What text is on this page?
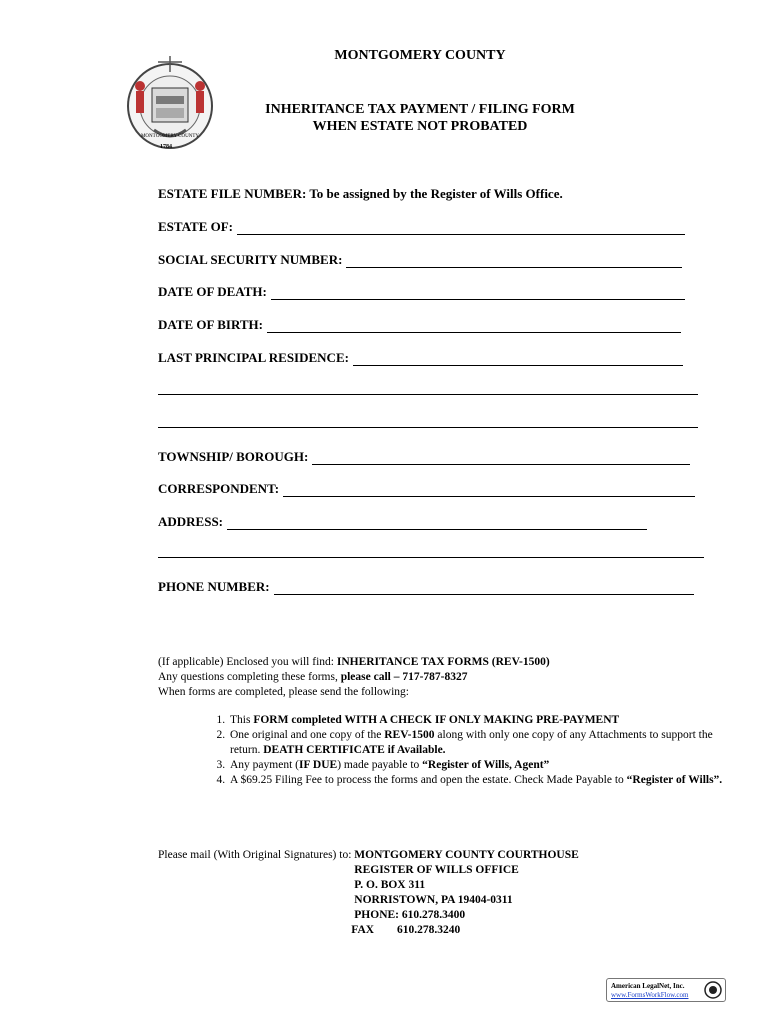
MONTGOMERY COUNTY
1784
MONTGOMERY COUNTY
INHERITANCE TAX PAYMENT / FILING FORM
WHEN ESTATE NOT PROBATED
ESTATE FILE NUMBER: To be assigned by the Register of Wills Office.
ESTATE OF:
SOCIAL SECURITY NUMBER:
DATE OF DEATH:
DATE OF BIRTH:
LAST PRINCIPAL RESIDENCE:
TOWNSHIP/ BOROUGH:
CORRESPONDENT:
ADDRESS:
PHONE NUMBER:
(If applicable) Enclosed you will find: INHERITANCE TAX FORMS (REV-1500)
Any questions completing these forms, please call – 717-787-8327
When forms are completed, please send the following:
1. This FORM completed WITH A CHECK IF ONLY MAKING PRE-PAYMENT
2. One original and one copy of the REV-1500 along with only one copy of any Attachments to support the return. DEATH CERTIFICATE if Available.
3. Any payment (IF DUE) made payable to “Register of Wills, Agent”
4. A $69.25 Filing Fee to process the forms and open the estate. Check Made Payable to “Register of Wills”.
Please mail (With Original Signatures) to: MONTGOMERY COUNTY COURTHOUSE
REGISTER OF WILLS OFFICE
P. O. BOX 311
NORRISTOWN, PA 19404-0311
PHONE: 610.278.3400
FAX 610.278.3240
American LegalNet, Inc.
www.FormsWorkFlow.com
